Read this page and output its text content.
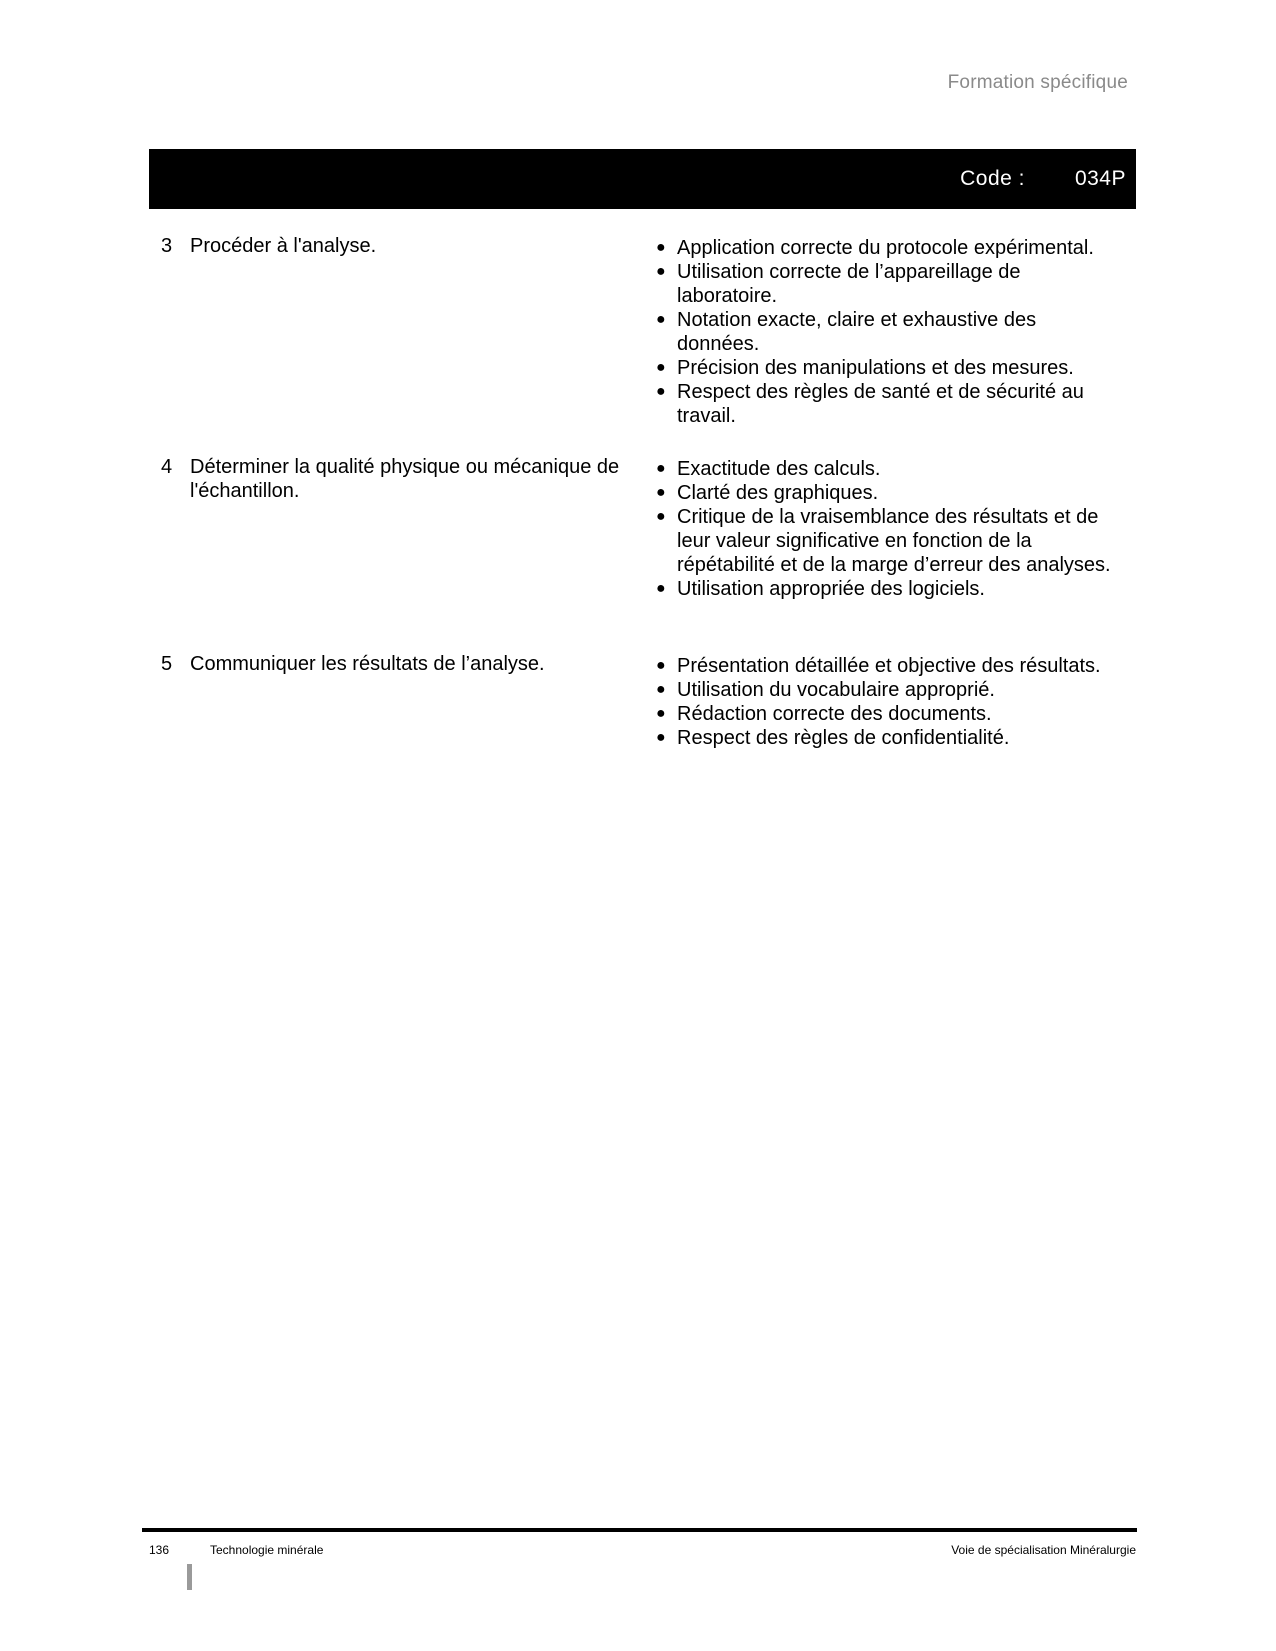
Formation spécifique
Code : 034P
3 Procéder à l'analyse.	● Application correcte du protocole expérimental.
● Utilisation correcte de l’appareillage de laboratoire.
● Notation exacte, claire et exhaustive des données.
● Précision des manipulations et des mesures.
● Respect des règles de santé et de sécurité au travail.
4 Déterminer la qualité physique ou mécanique de l'échantillon.
● Exactitude des calculs.
● Clarté des graphiques.
● Critique de la vraisemblance des résultats et de leur valeur significative en fonction de la répétabilité et de la marge d’erreur des analyses.
● Utilisation appropriée des logiciels.
5 Communiquer les résultats de l’analyse.	● Présentation détaillée et objective des résultats.
● Utilisation du vocabulaire approprié.
● Rédaction correcte des documents.
● Respect des règles de confidentialité.
136	Technologie minérale	Voie de spécialisation Minéralurgie
